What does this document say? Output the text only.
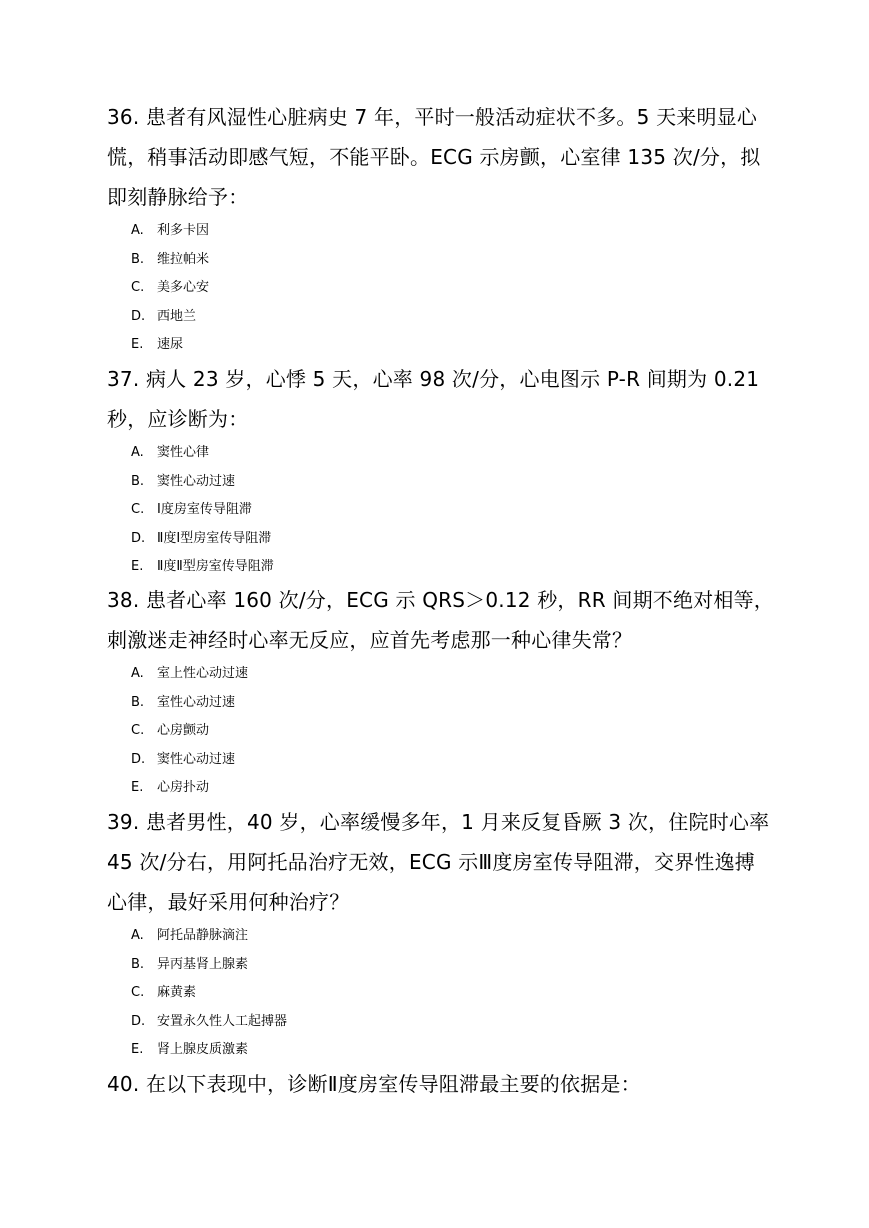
36. 患者有风湿性心脏病史 7 年，平时一般活动症状不多。5 天来明显心
慌，稍事活动即感气短，不能平卧。ECG 示房颤，心室律 135 次/分，拟
即刻静脉给予：
A. 利多卡因
B. 维拉帕米
C. 美多心安
D. 西地兰
E. 速尿
37. 病人 23 岁，心悸 5 天，心率 98 次/分，心电图示 P-R 间期为 0.21
秒，应诊断为：
A. 窦性心律
B. 窦性心动过速
C. Ⅰ度房室传导阻滞
D. Ⅱ度Ⅰ型房室传导阻滞
E. Ⅱ度Ⅱ型房室传导阻滞
38. 患者心率 160 次/分，ECG 示 QRS＞0.12 秒，RR 间期不绝对相等，
刺激迷走神经时心率无反应，应首先考虑那一种心律失常？
A. 室上性心动过速
B. 室性心动过速
C. 心房颤动
D. 窦性心动过速
E. 心房扑动
39. 患者男性，40 岁，心率缓慢多年，1 月来反复昏厥 3 次，住院时心率
45 次/分右，用阿托品治疗无效，ECG 示Ⅲ度房室传导阻滞，交界性逸搏
心律，最好采用何种治疗？
A. 阿托品静脉滴注
B. 异丙基肾上腺素
C. 麻黄素
D. 安置永久性人工起搏器
E. 肾上腺皮质激素
40. 在以下表现中，诊断Ⅱ度房室传导阻滞最主要的依据是：
